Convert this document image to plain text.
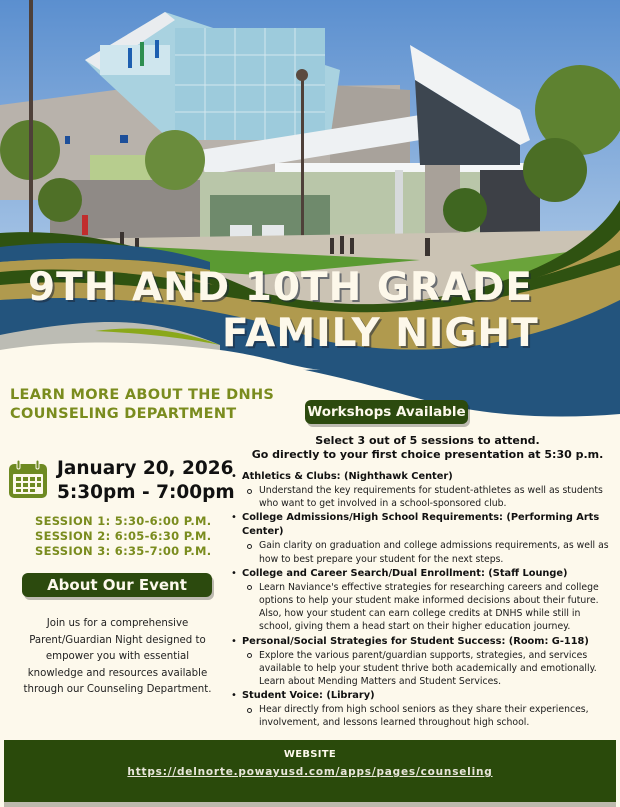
9TH AND 10TH GRADE
FAMILY NIGHT
LEARN MORE ABOUT THE DNHS COUNSELING DEPARTMENT
January 20, 2026
5:30pm - 7:00pm
SESSION 1: 5:30-6:00 P.M.
SESSION 2: 6:05-6:30 P.M.
SESSION 3: 6:35-7:00 P.M.
About Our Event
Join us for a comprehensive Parent/Guardian Night designed to empower you with essential knowledge and resources available through our Counseling Department.
Workshops Available
Select 3 out of 5 sessions to attend.
Go directly to your first choice presentation at 5:30 p.m.
• Athletics & Clubs: (Nighthawk Center)
Understand the key requirements for student-athletes as well as students who want to get involved in a school-sponsored club.
• College Admissions/High School Requirements: (Performing Arts Center)
Gain clarity on graduation and college admissions requirements, as well as how to best prepare your student for the next steps.
• College and Career Search/Dual Enrollment: (Staff Lounge)
Learn Naviance's effective strategies for researching careers and college options to help your student make informed decisions about their future. Also, how your student can earn college credits at DNHS while still in school, giving them a head start on their higher education journey.
• Personal/Social Strategies for Student Success: (Room: G-118)
Explore the various parent/guardian supports, strategies, and services available to help your student thrive both academically and emotionally. Learn about Mending Matters and Student Services.
• Student Voice: (Library)
Hear directly from high school seniors as they share their experiences, involvement, and lessons learned throughout high school.
WEBSITE
https://delnorte.powayusd.com/apps/pages/counseling
